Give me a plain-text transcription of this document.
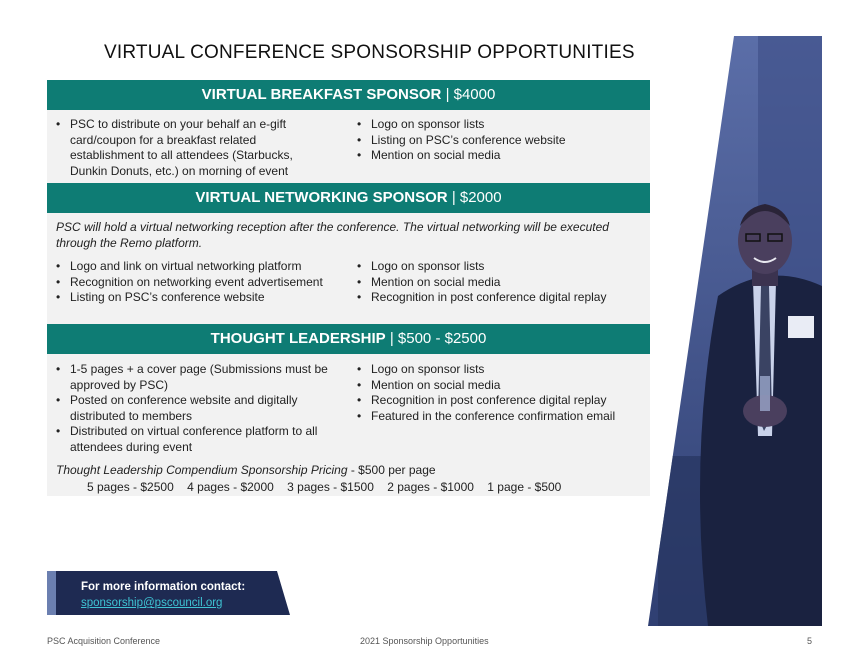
VIRTUAL CONFERENCE SPONSORSHIP OPPORTUNITIES
VIRTUAL BREAKFAST SPONSOR | $4000
• PSC to distribute on your behalf an e-gift card/coupon for a breakfast related establishment to all attendees (Starbucks, Dunkin Donuts, etc.) on morning of event
• Logo on sponsor lists
• Listing on PSC’s conference website
• Mention on social media
VIRTUAL NETWORKING SPONSOR | $2000
PSC will hold a virtual networking reception after the conference. The virtual networking will be executed through the Remo platform.
• Logo and link on virtual networking platform
• Recognition on networking event advertisement
• Listing on PSC’s conference website
• Logo on sponsor lists
• Mention on social media
• Recognition in post conference digital replay
THOUGHT LEADERSHIP | $500 - $2500
• 1-5 pages + a cover page (Submissions must be approved by PSC)
• Posted on conference website and digitally distributed to members
• Distributed on virtual conference platform to all attendees during event
• Logo on sponsor lists
• Mention on social media
• Recognition in post conference digital replay
• Featured in the conference confirmation email
Thought Leadership Compendium Sponsorship Pricing - $500 per page
5 pages - $2500    4 pages - $2000    3 pages - $1500    2 pages - $1000    1 page - $500
For more information contact:
sponsorship@pscouncil.org
PSC Acquisition Conference	2021 Sponsorship Opportunities	5
